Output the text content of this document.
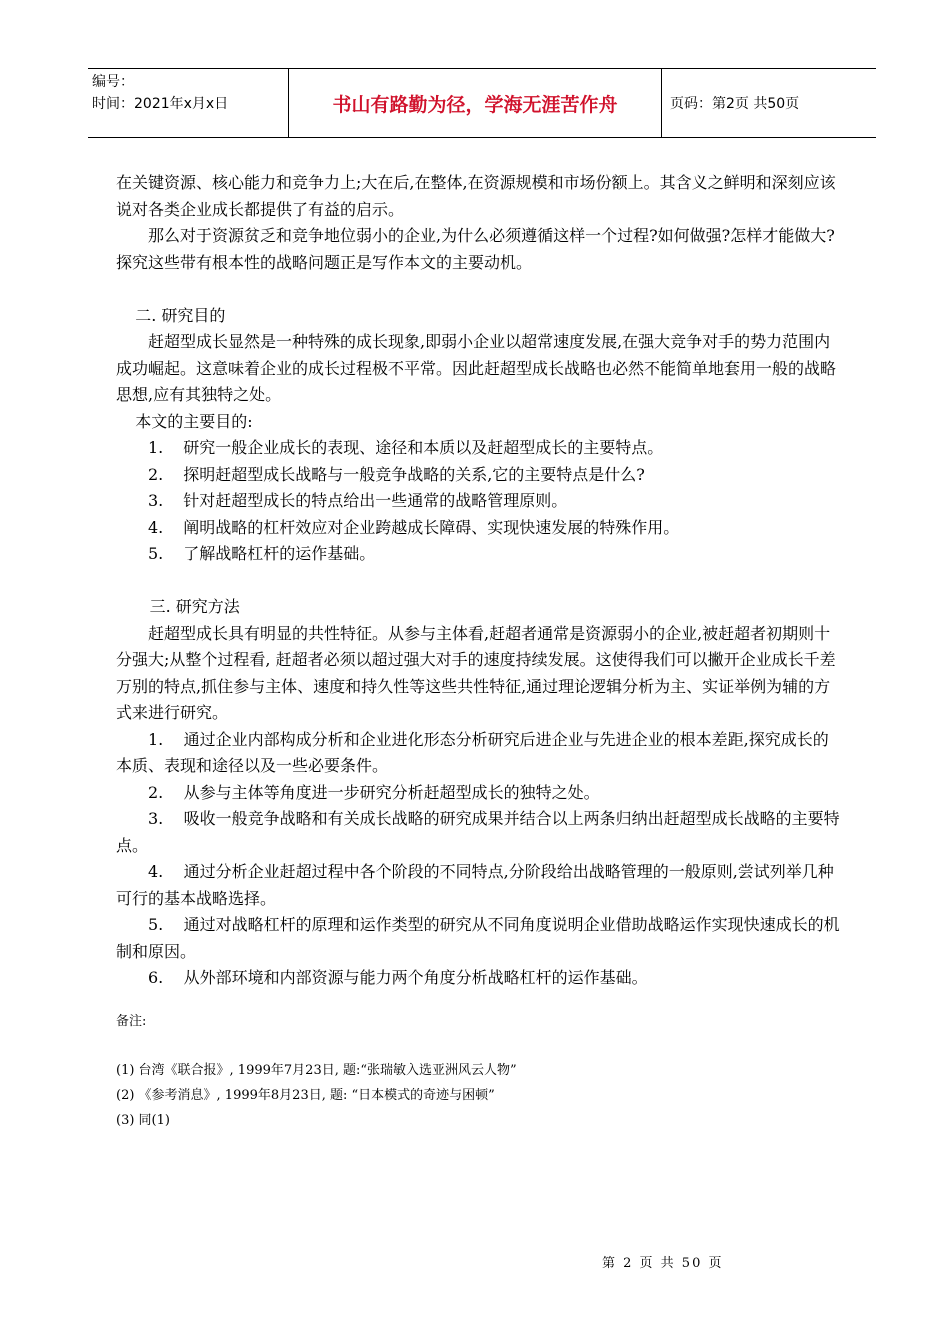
编号：
时间：2021年x月x日	书山有路勤为径，学海无涯苦作舟	页码：第2页 共50页

在关键资源、核心能力和竞争力上;大在后,在整体,在资源规模和市场份额上。其含义之鲜明和深刻应该说对各类企业成长都提供了有益的启示。

那么对于资源贫乏和竞争地位弱小的企业,为什么必须遵循这样一个过程?如何做强?怎样才能做大?探究这些带有根本性的战略问题正是写作本文的主要动机。

二. 研究目的

赶超型成长显然是一种特殊的成长现象,即弱小企业以超常速度发展,在强大竞争对手的势力范围内成功崛起。这意味着企业的成长过程极不平常。因此赶超型成长战略也必然不能简单地套用一般的战略思想,应有其独特之处。

本文的主要目的:

1. 研究一般企业成长的表现、途径和本质以及赶超型成长的主要特点。

2. 探明赶超型成长战略与一般竞争战略的关系,它的主要特点是什么?

3. 针对赶超型成长的特点给出一些通常的战略管理原则。

4. 阐明战略的杠杆效应对企业跨越成长障碍、实现快速发展的特殊作用。

5. 了解战略杠杆的运作基础。

三. 研究方法

赶超型成长具有明显的共性特征。从参与主体看,赶超者通常是资源弱小的企业,被赶超者初期则十分强大;从整个过程看, 赶超者必须以超过强大对手的速度持续发展。这使得我们可以撇开企业成长千差万别的特点,抓住参与主体、速度和持久性等这些共性特征,通过理论逻辑分析为主、实证举例为辅的方式来进行研究。

1. 通过企业内部构成分析和企业进化形态分析研究后进企业与先进企业的根本差距,探究成长的本质、表现和途径以及一些必要条件。

2. 从参与主体等角度进一步研究分析赶超型成长的独特之处。

3. 吸收一般竞争战略和有关成长战略的研究成果并结合以上两条归纳出赶超型成长战略的主要特点。

4. 通过分析企业赶超过程中各个阶段的不同特点,分阶段给出战略管理的一般原则,尝试列举几种可行的基本战略选择。

5. 通过对战略杠杆的原理和运作类型的研究从不同角度说明企业借助战略运作实现快速成长的机制和原因。

6. 从外部环境和内部资源与能力两个角度分析战略杠杆的运作基础。

备注:

(1) 台湾《联合报》, 1999年7月23日, 题:“张瑞敏入选亚洲风云人物”

(2) 《参考消息》, 1999年8月23日, 题: “日本模式的奇迹与困顿”

(3) 同(1)

第 2 页 共 50 页
